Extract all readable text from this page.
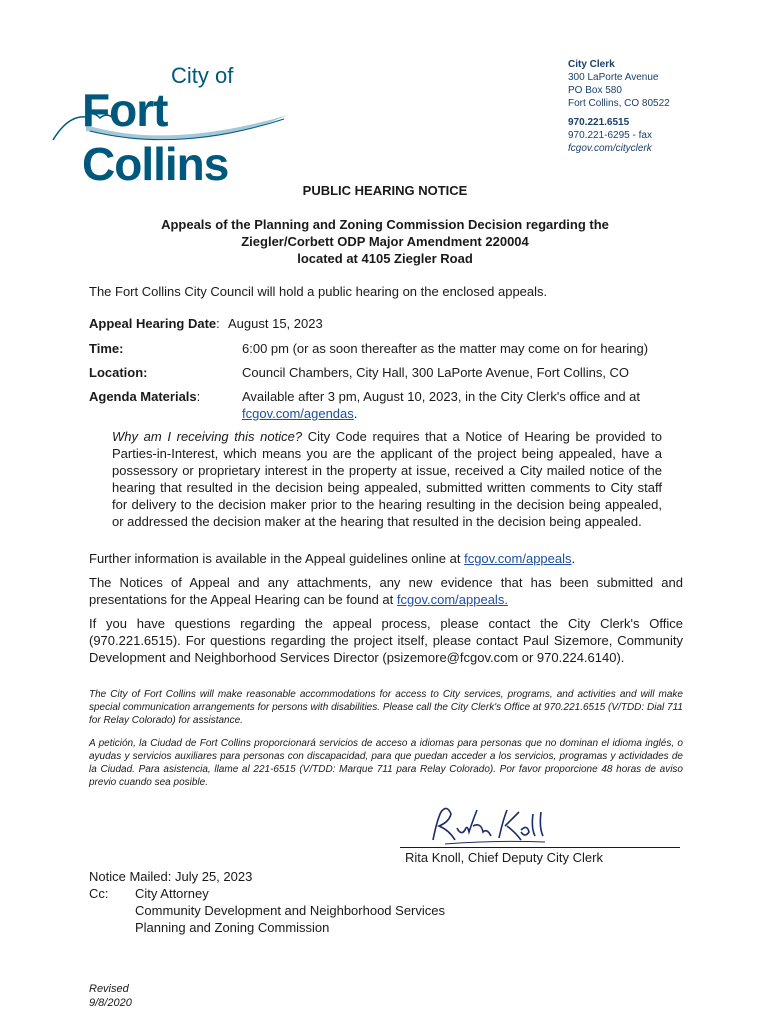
City of
Fort Collins
City Clerk
300 LaPorte Avenue
PO Box 580
Fort Collins, CO 80522
970.221.6515
970.221-6295 - fax
fcgov.com/cityclerk
PUBLIC HEARING NOTICE
Appeals of the Planning and Zoning Commission Decision regarding the
Ziegler/Corbett ODP Major Amendment 220004
located at 4105 Ziegler Road
The Fort Collins City Council will hold a public hearing on the enclosed appeals.
Appeal Hearing Date: August 15, 2023
Time:	6:00 pm (or as soon thereafter as the matter may come on for hearing)
Location:	Council Chambers, City Hall, 300 LaPorte Avenue, Fort Collins, CO
Agenda Materials:	Available after 3 pm, August 10, 2023, in the City Clerk's office and at
fcgov.com/agendas.
Why am I receiving this notice? City Code requires that a Notice of Hearing be provided to Parties-in-Interest, which means you are the applicant of the project being appealed, have a possessory or proprietary interest in the property at issue, received a City mailed notice of the hearing that resulted in the decision being appealed, submitted written comments to City staff for delivery to the decision maker prior to the hearing resulting in the decision being appealed, or addressed the decision maker at the hearing that resulted in the decision being appealed.
Further information is available in the Appeal guidelines online at fcgov.com/appeals.
The Notices of Appeal and any attachments, any new evidence that has been submitted and presentations for the Appeal Hearing can be found at fcgov.com/appeals.
If you have questions regarding the appeal process, please contact the City Clerk's Office (970.221.6515). For questions regarding the project itself, please contact Paul Sizemore, Community Development and Neighborhood Services Director (psizemore@fcgov.com or 970.224.6140).
The City of Fort Collins will make reasonable accommodations for access to City services, programs, and activities and will make special communication arrangements for persons with disabilities. Please call the City Clerk's Office at 970.221.6515 (V/TDD: Dial 711 for Relay Colorado) for assistance.
A petición, la Ciudad de Fort Collins proporcionará servicios de acceso a idiomas para personas que no dominan el idioma inglés, o ayudas y servicios auxiliares para personas con discapacidad, para que puedan acceder a los servicios, programas y actividades de la Ciudad. Para asistencia, llame al 221-6515 (V/TDD: Marque 711 para Relay Colorado). Por favor proporcione 48 horas de aviso previo cuando sea posible.
Rita Knoll, Chief Deputy City Clerk
Notice Mailed: July 25, 2023
Cc: City Attorney
Community Development and Neighborhood Services
Planning and Zoning Commission
Revised
9/8/2020
